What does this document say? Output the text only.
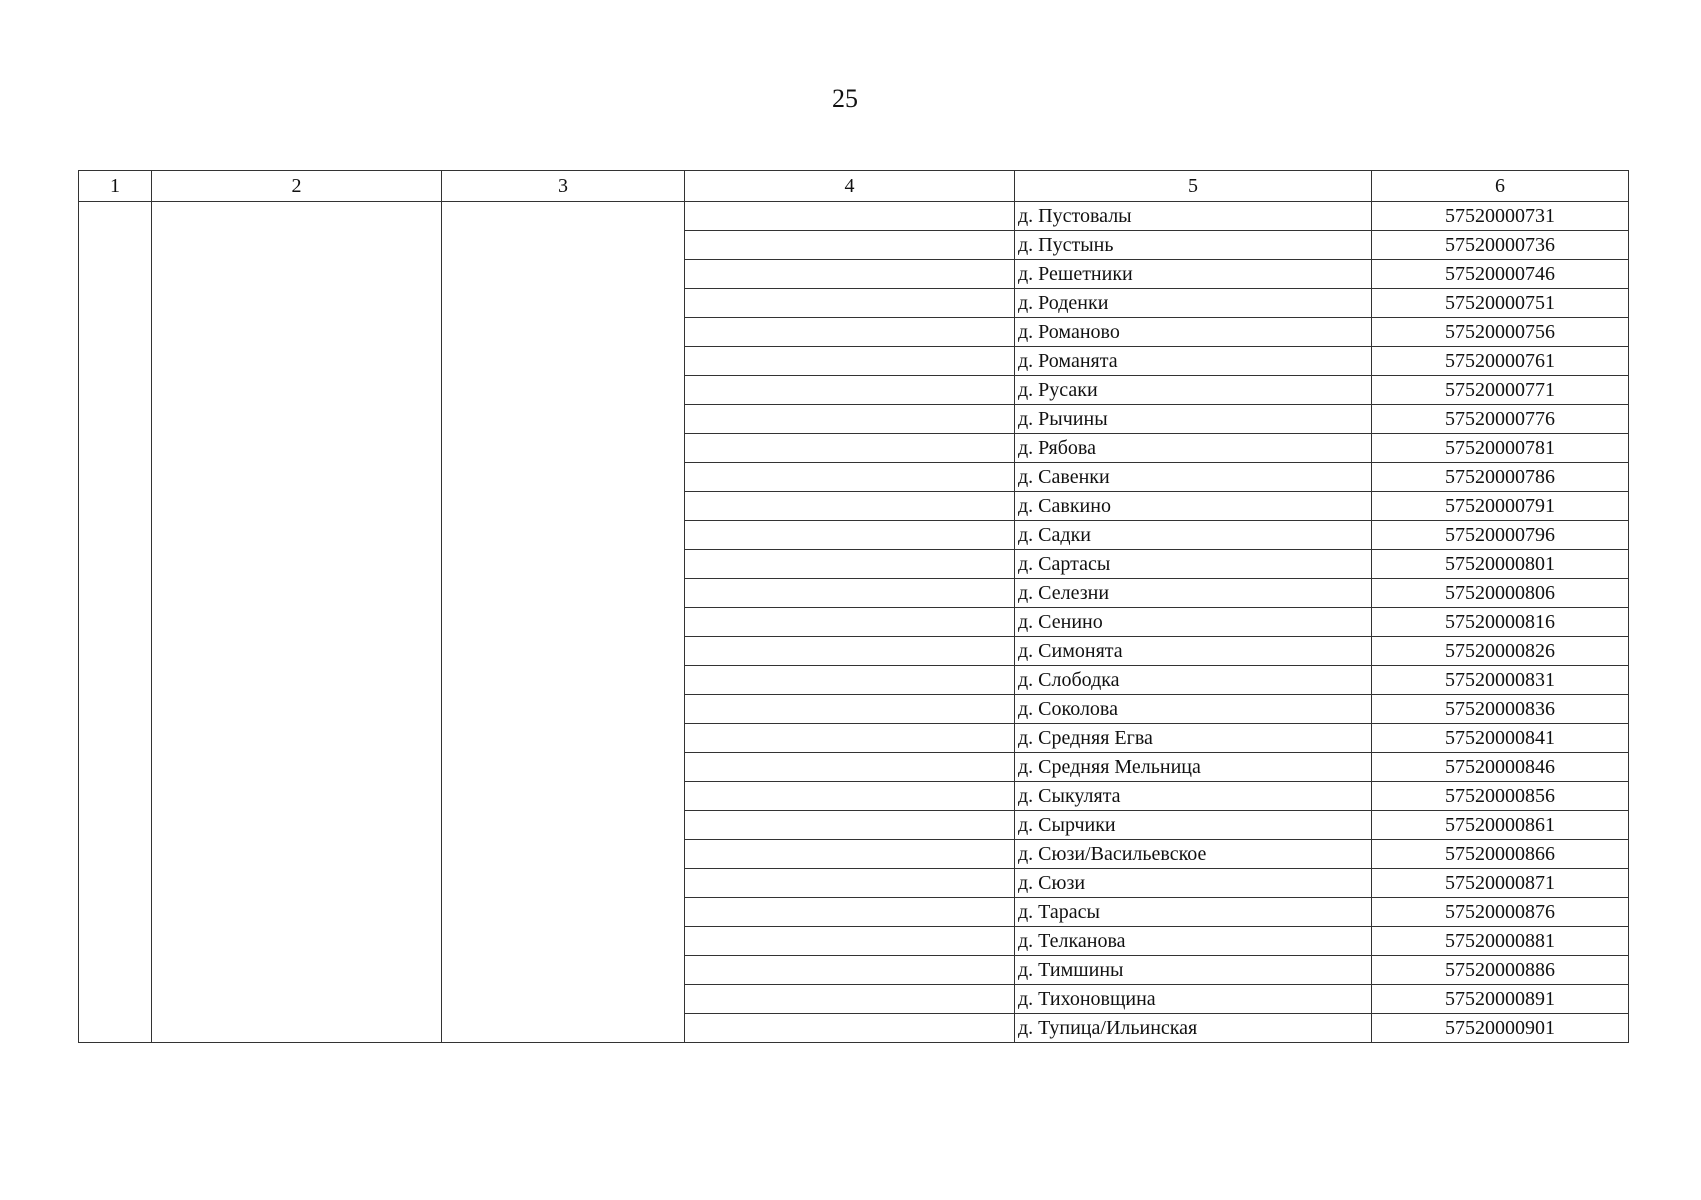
25
1	2	3	4	5	6
				д. Пустовалы	57520000731
				д. Пустынь	57520000736
				д. Решетники	57520000746
				д. Роденки	57520000751
				д. Романово	57520000756
				д. Романята	57520000761
				д. Русаки	57520000771
				д. Рычины	57520000776
				д. Рябова	57520000781
				д. Савенки	57520000786
				д. Савкино	57520000791
				д. Садки	57520000796
				д. Сартасы	57520000801
				д. Селезни	57520000806
				д. Сенино	57520000816
				д. Симонята	57520000826
				д. Слободка	57520000831
				д. Соколова	57520000836
				д. Средняя Егва	57520000841
				д. Средняя Мельница	57520000846
				д. Сыкулята	57520000856
				д. Сырчики	57520000861
				д. Сюзи/Васильевское	57520000866
				д. Сюзи	57520000871
				д. Тарасы	57520000876
				д. Телканова	57520000881
				д. Тимшины	57520000886
				д. Тихоновщина	57520000891
				д. Тупица/Ильинская	57520000901
